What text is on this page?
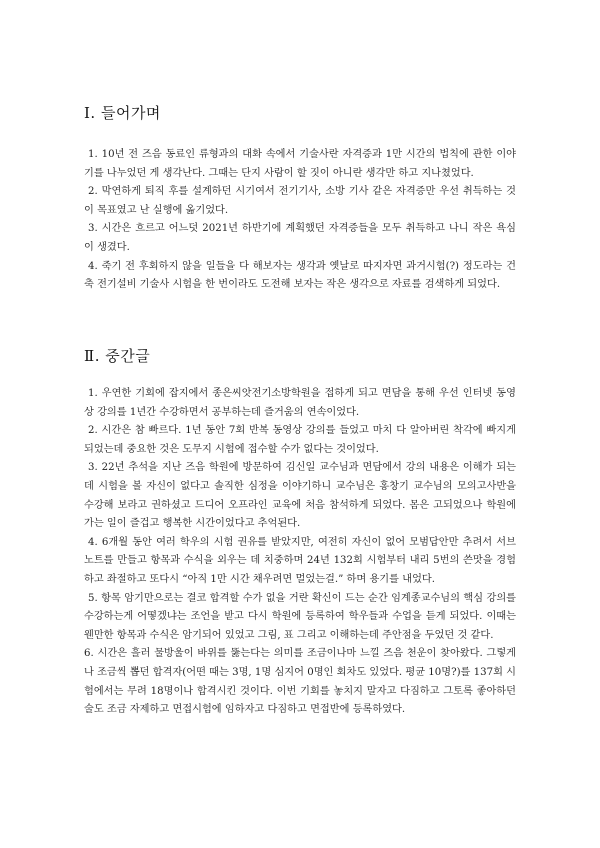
Ⅰ. 들어가며

1. 10년 전 즈음 동료인 류형과의 대화 속에서 기술사란 자격증과 1만 시간의 법칙에 관한 이야기를 나누었던 게 생각난다. 그때는 단지 사람이 할 짓이 아니란 생각만 하고 지나쳤었다.

2. 막연하게 퇴직 후를 설계하던 시기여서 전기기사, 소방 기사 같은 자격증만 우선 취득하는 것이 목표였고 난 실행에 옮기었다.

3. 시간은 흐르고 어느덧 2021년 하반기에 계획했던 자격증들을 모두 취득하고 나니 작은 욕심이 생겼다.

4. 죽기 전 후회하지 않을 일들을 다 해보자는 생각과 옛날로 따지자면 과거시험(?) 정도라는 건축 전기설비 기술사 시험을 한 번이라도 도전해 보자는 작은 생각으로 자료를 검색하게 되었다.

Ⅱ. 중간글

1. 우연한 기회에 잡지에서 종은씨앗전기소방학원을 접하게 되고 면담을 통해 우선 인터넷 동영상 강의를 1년간 수강하면서 공부하는데 즐거움의 연속이었다.

2. 시간은 참 빠르다. 1년 동안 7회 반복 동영상 강의를 들었고 마치 다 알아버린 착각에 빠지게 되었는데 중요한 것은 도무지 시험에 접수할 수가 없다는 것이었다.

3. 22년 추석을 지난 즈음 학원에 방문하여 김신일 교수님과 면담에서 강의 내용은 이해가 되는데 시험을 볼 자신이 없다고 솔직한 심정을 이야기하니 교수님은 홍창기 교수님의 모의고사반을 수강해 보라고 권하셨고 드디어 오프라인 교육에 처음 참석하게 되었다. 몸은 고되었으나 학원에 가는 일이 즐겁고 행복한 시간이었다고 추억된다.

4. 6개월 동안 여러 학우의 시험 권유를 받았지만, 여전히 자신이 없어 모범답안만 추려서 서브 노트를 만들고 항목과 수식을 외우는 데 치중하며 24년 132회 시험부터 내리 5번의 쓴맛을 경험하고 좌절하고 또다시 “아직 1만 시간 채우려면 멀었는걸.” 하며 용기를 내었다.

5. 항목 암기만으로는 결코 합격할 수가 없을 거란 확신이 드는 순간 임계종교수님의 핵심 강의를 수강하는게 어떻겠냐는 조언을 받고 다시 학원에 등록하여 학우들과 수업을 듣게 되었다. 이때는 웬만한 항목과 수식은 암기되어 있었고 그림, 표 그리고 이해하는데 주안점을 두었던 것 같다.

6. 시간은 흘러 물방울이 바위를 뚫는다는 의미를 조금이나마 느낄 즈음 천운이 찾아왔다. 그렇게나 조금씩 뽑던 합격자(어떤 때는 3명, 1명 심지어 0명인 회차도 있었다. 평균 10명?)를 137회 시험에서는 무려 18명이나 합격시킨 것이다. 이번 기회를 놓치지 말자고 다짐하고 그토록 좋아하던 술도 조금 자제하고 면접시험에 임하자고 다짐하고 면접반에 등록하였다.
